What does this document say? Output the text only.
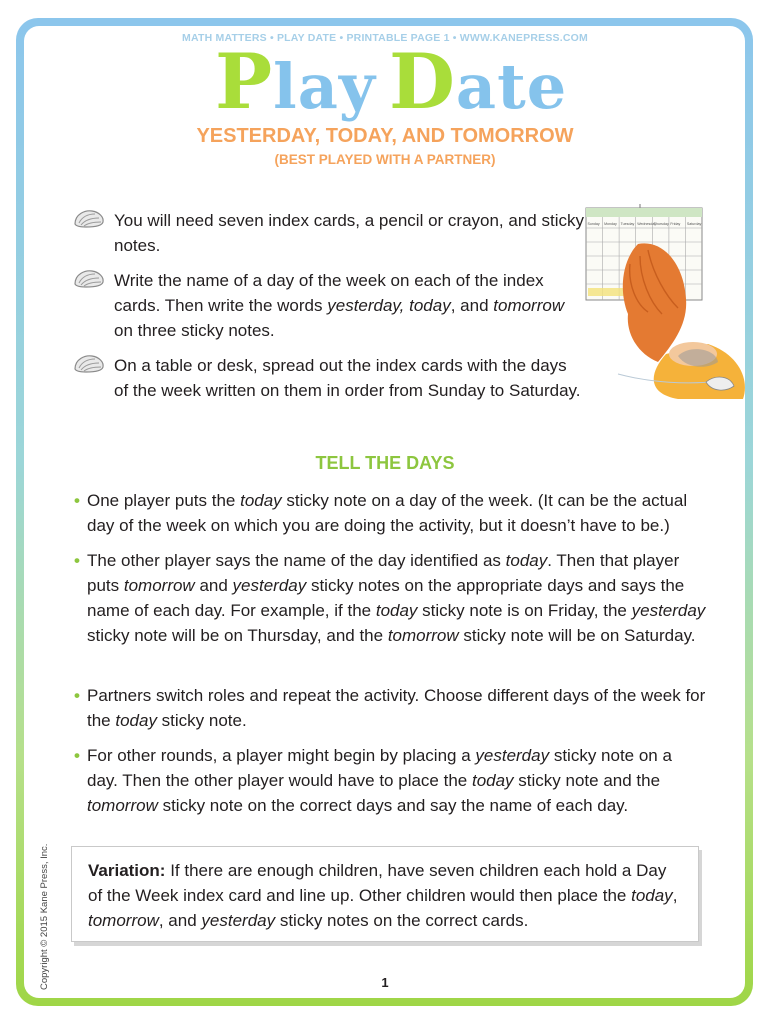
MATH MATTERS • PLAY DATE • PRINTABLE PAGE 1 • WWW.KANEPRESS.COM
Play Date
YESTERDAY, TODAY, AND TOMORROW
(BEST PLAYED WITH A PARTNER)

You will need seven index cards, a pencil or crayon, and sticky notes.

Write the name of a day of the week on each of the index cards. Then write the words yesterday, today, and tomorrow on three sticky notes.

On a table or desk, spread out the index cards with the days of the week written on them in order from Sunday to Saturday.

Sunday Monday Tuesday Wednesday
Thursday Friday Saturday
TELL THE DAYS
• One player puts the today sticky note on a day of the week. (It can be the actual day of the week on which you are doing the activity, but it doesn’t have to be.)

• The other player says the name of the day identified as today. Then that player puts tomorrow and yesterday sticky notes on the appropriate days and says the name of each day. For example, if the today sticky note is on Friday, the yesterday sticky note will be on Thursday, and the tomorrow sticky note will be on Saturday.

• Partners switch roles and repeat the activity. Choose different days of the week for the today sticky note.

• For other rounds, a player might begin by placing a yesterday sticky note on a day. Then the other player would have to place the today sticky note and the tomorrow sticky note on the correct days and say the name of each day.

Variation: If there are enough children, have seven children each hold a Day of the Week index card and line up. Other children would then place the today, tomorrow, and yesterday sticky notes on the correct cards.

Copyright © 2015 Kane Press, Inc.	1
